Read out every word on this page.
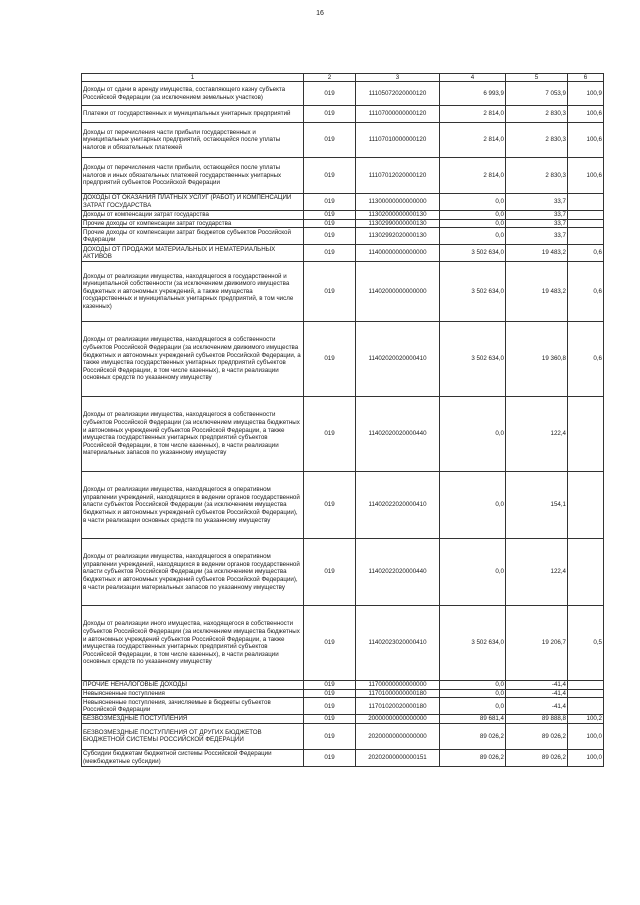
16
1	2	3	4	5	6
Доходы от сдачи в аренду имущества, составляющего казну субъекта Российской Федерации (за исключением земельных участков)	019	11105072020000120	6 993,9	7 053,9	100,9
Платежи от государственных и муниципальных унитарных предприятий	019	11107000000000120	2 814,0	2 830,3	100,6
Доходы от перечисления части прибыли государственных и муниципальных унитарных предприятий, остающейся после уплаты налогов и обязательных платежей	019	11107010000000120	2 814,0	2 830,3	100,6
Доходы от перечисления части прибыли, остающейся после уплаты налогов и иных обязательных платежей государственных унитарных предприятий субъектов Российской Федерации	019	11107012020000120	2 814,0	2 830,3	100,6
ДОХОДЫ ОТ ОКАЗАНИЯ ПЛАТНЫХ УСЛУГ (РАБОТ) И КОМПЕНСАЦИИ ЗАТРАТ ГОСУДАРСТВА	019	11300000000000000	0,0	33,7	
Доходы от компенсации затрат государства	019	11302000000000130	0,0	33,7	
Прочие доходы от компенсации затрат государства	019	11302990000000130	0,0	33,7	
Прочие доходы от компенсации затрат бюджетов субъектов Российской Федерации	019	11302992020000130	0,0	33,7	
ДОХОДЫ ОТ ПРОДАЖИ МАТЕРИАЛЬНЫХ И НЕМАТЕРИАЛЬНЫХ АКТИВОВ	019	11400000000000000	3 502 634,0	19 483,2	0,6
Доходы от реализации имущества, находящегося в государственной и муниципальной собственности (за исключением движимого имущества бюджетных и автономных учреждений, а также имущества государственных и муниципальных унитарных предприятий, в том числе казенных)	019	11402000000000000	3 502 634,0	19 483,2	0,6
Доходы от реализации имущества, находящегося в собственности субъектов Российской Федерации (за исключением движимого имущества бюджетных и автономных учреждений субъектов Российской Федерации, а также имущества государственных унитарных предприятий субъектов Российской Федерации, в том числе казенных), в части реализации основных средств по указанному имуществу	019	11402020020000410	3 502 634,0	19 360,8	0,6
Доходы от реализации имущества, находящегося в собственности субъектов Российской Федерации (за исключением имущества бюджетных и автономных учреждений субъектов Российской Федерации, а также имущества государственных унитарных предприятий субъектов Российской Федерации, в том числе казенных), в части реализации материальных запасов по указанному имуществу	019	11402020020000440	0,0	122,4	
Доходы от реализации имущества, находящегося в оперативном управлении учреждений, находящихся в ведении органов государственной власти субъектов Российской Федерации (за исключением имущества бюджетных и автономных учреждений субъектов Российской Федерации), в части реализации основных средств по указанному имуществу	019	11402022020000410	0,0	154,1	
Доходы от реализации имущества, находящегося в оперативном управлении учреждений, находящихся в ведении органов государственной власти субъектов Российской Федерации (за исключением имущества бюджетных и автономных учреждений субъектов Российской Федерации), в части реализации материальных запасов по указанному имуществу	019	11402022020000440	0,0	122,4	
Доходы от реализации иного имущества, находящегося в собственности субъектов Российской Федерации (за исключением имущества бюджетных и автономных учреждений субъектов Российской Федерации, а также имущества государственных унитарных предприятий субъектов Российской Федерации, в том числе казенных), в части реализации основных средств по указанному имуществу	019	11402023020000410	3 502 634,0	19 206,7	0,5
ПРОЧИЕ НЕНАЛОГОВЫЕ ДОХОДЫ	019	11700000000000000	0,0	-41,4	
Невыясненные поступления	019	11701000000000180	0,0	-41,4	
Невыясненные поступления, зачисляемые в бюджеты субъектов Российской Федерации	019	11701020020000180	0,0	-41,4	
БЕЗВОЗМЕЗДНЫЕ ПОСТУПЛЕНИЯ	019	20000000000000000	89 681,4	89 888,8	100,2
БЕЗВОЗМЕЗДНЫЕ ПОСТУПЛЕНИЯ ОТ ДРУГИХ БЮДЖЕТОВ БЮДЖЕТНОЙ СИСТЕМЫ РОССИЙСКОЙ ФЕДЕРАЦИИ	019	20200000000000000	89 026,2	89 026,2	100,0
Субсидии бюджетам бюджетной системы Российской Федерации (межбюджетные субсидии)	019	20202000000000151	89 026,2	89 026,2	100,0
